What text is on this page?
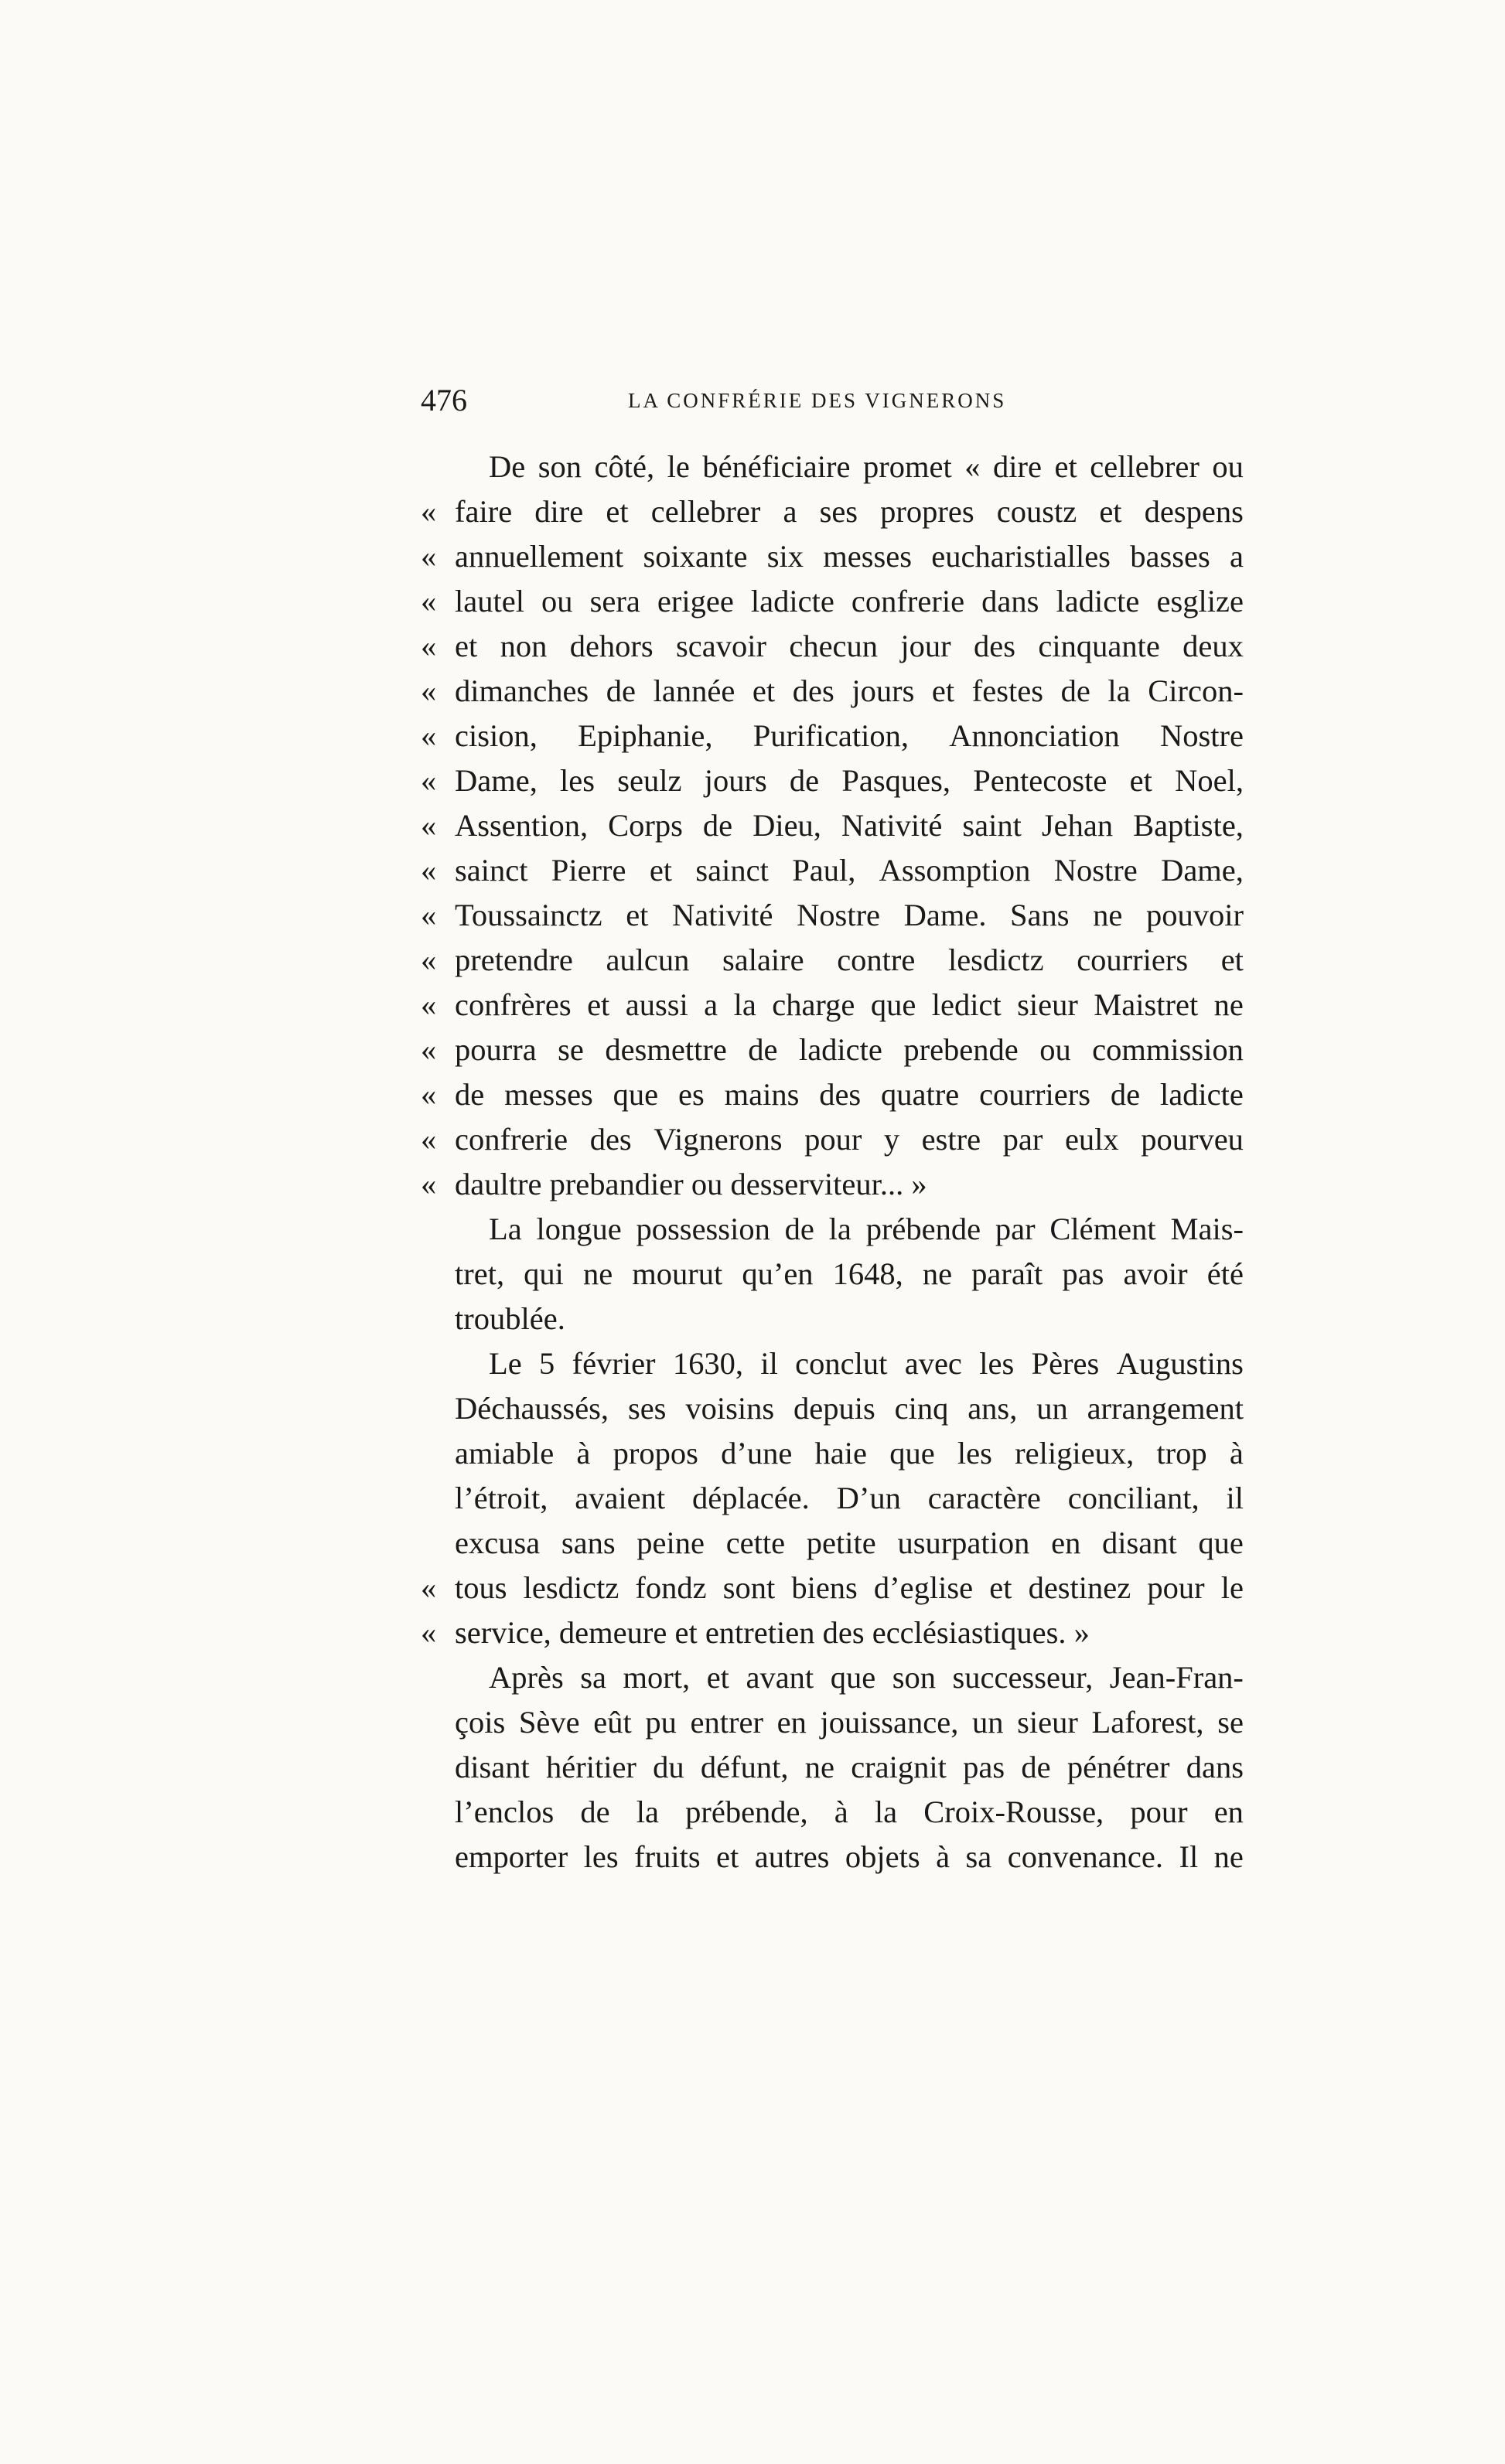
476	LA CONFRÉRIE DES VIGNERONS
De son côté, le bénéficiaire promet « dire et cellebrer ou
« faire dire et cellebrer a ses propres coustz et despens
« annuellement soixante six messes eucharistialles basses a
« lautel ou sera erigee ladicte confrerie dans ladicte esglize
« et non dehors scavoir checun jour des cinquante deux
« dimanches de lannée et des jours et festes de la Circon-
« cision, Epiphanie, Purification, Annonciation Nostre
« Dame, les seulz jours de Pasques, Pentecoste et Noel,
« Assention, Corps de Dieu, Nativité saint Jehan Baptiste,
« sainct Pierre et sainct Paul, Assomption Nostre Dame,
« Toussainctz et Nativité Nostre Dame. Sans ne pouvoir
« pretendre aulcun salaire contre lesdictz courriers et
« confrères et aussi a la charge que ledict sieur Maistret ne
« pourra se desmettre de ladicte prebende ou commission
« de messes que es mains des quatre courriers de ladicte
« confrerie des Vignerons pour y estre par eulx pourveu
« daultre prebandier ou desserviteur... »
La longue possession de la prébende par Clément Mais-
tret, qui ne mourut qu’en 1648, ne paraît pas avoir été
troublée.
Le 5 février 1630, il conclut avec les Pères Augustins
Déchaussés, ses voisins depuis cinq ans, un arrangement
amiable à propos d’une haie que les religieux, trop à
l’étroit, avaient déplacée. D’un caractère conciliant, il
excusa sans peine cette petite usurpation en disant que
« tous lesdictz fondz sont biens d’eglise et destinez pour le
« service, demeure et entretien des ecclésiastiques. »
Après sa mort, et avant que son successeur, Jean-Fran-
çois Sève eût pu entrer en jouissance, un sieur Laforest, se
disant héritier du défunt, ne craignit pas de pénétrer dans
l’enclos de la prébende, à la Croix-Rousse, pour en
emporter les fruits et autres objets à sa convenance. Il ne
